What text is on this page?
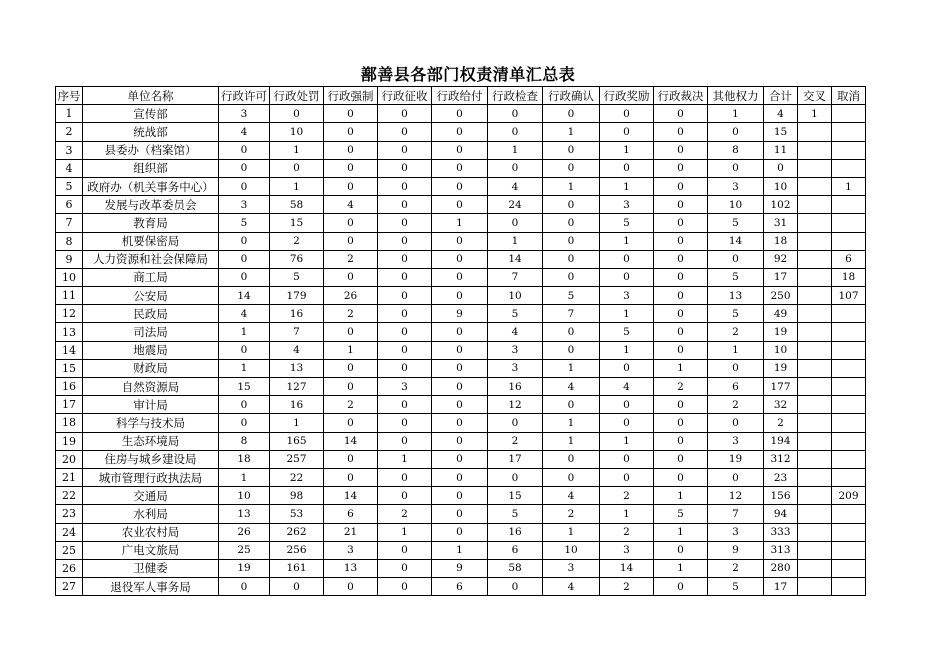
鄯善县各部门权责清单汇总表
序号	单位名称	行政许可	行政处罚	行政强制	行政征收	行政给付	行政检查	行政确认	行政奖励	行政裁决	其他权力	合计	交叉	取消
1	宣传部	3	0	0	0	0	0	0	0	0	1	4	1	
2	统战部	4	10	0	0	0	0	1	0	0	0	15		
3	县委办（档案馆）	0	1	0	0	0	1	0	1	0	8	11		
4	组织部	0	0	0	0	0	0	0	0	0	0	0		
5	政府办（机关事务中心）	0	1	0	0	0	4	1	1	0	3	10		1
6	发展与改革委员会	3	58	4	0	0	24	0	3	0	10	102		
7	教育局	5	15	0	0	1	0	0	5	0	5	31		
8	机要保密局	0	2	0	0	0	1	0	1	0	14	18		
9	人力资源和社会保障局	0	76	2	0	0	14	0	0	0	0	92		6
10	商工局	0	5	0	0	0	7	0	0	0	5	17		18
11	公安局	14	179	26	0	0	10	5	3	0	13	250		107
12	民政局	4	16	2	0	9	5	7	1	0	5	49		
13	司法局	1	7	0	0	0	4	0	5	0	2	19		
14	地震局	0	4	1	0	0	3	0	1	0	1	10		
15	财政局	1	13	0	0	0	3	1	0	1	0	19		
16	自然资源局	15	127	0	3	0	16	4	4	2	6	177		
17	审计局	0	16	2	0	0	12	0	0	0	2	32		
18	科学与技术局	0	1	0	0	0	0	1	0	0	0	2		
19	生态环境局	8	165	14	0	0	2	1	1	0	3	194		
20	住房与城乡建设局	18	257	0	1	0	17	0	0	0	19	312		
21	城市管理行政执法局	1	22	0	0	0	0	0	0	0	0	23		
22	交通局	10	98	14	0	0	15	4	2	1	12	156		209
23	水利局	13	53	6	2	0	5	2	1	5	7	94		
24	农业农村局	26	262	21	1	0	16	1	2	1	3	333		
25	广电文旅局	25	256	3	0	1	6	10	3	0	9	313		
26	卫健委	19	161	13	0	9	58	3	14	1	2	280		
27	退役军人事务局	0	0	0	0	6	0	4	2	0	5	17		
